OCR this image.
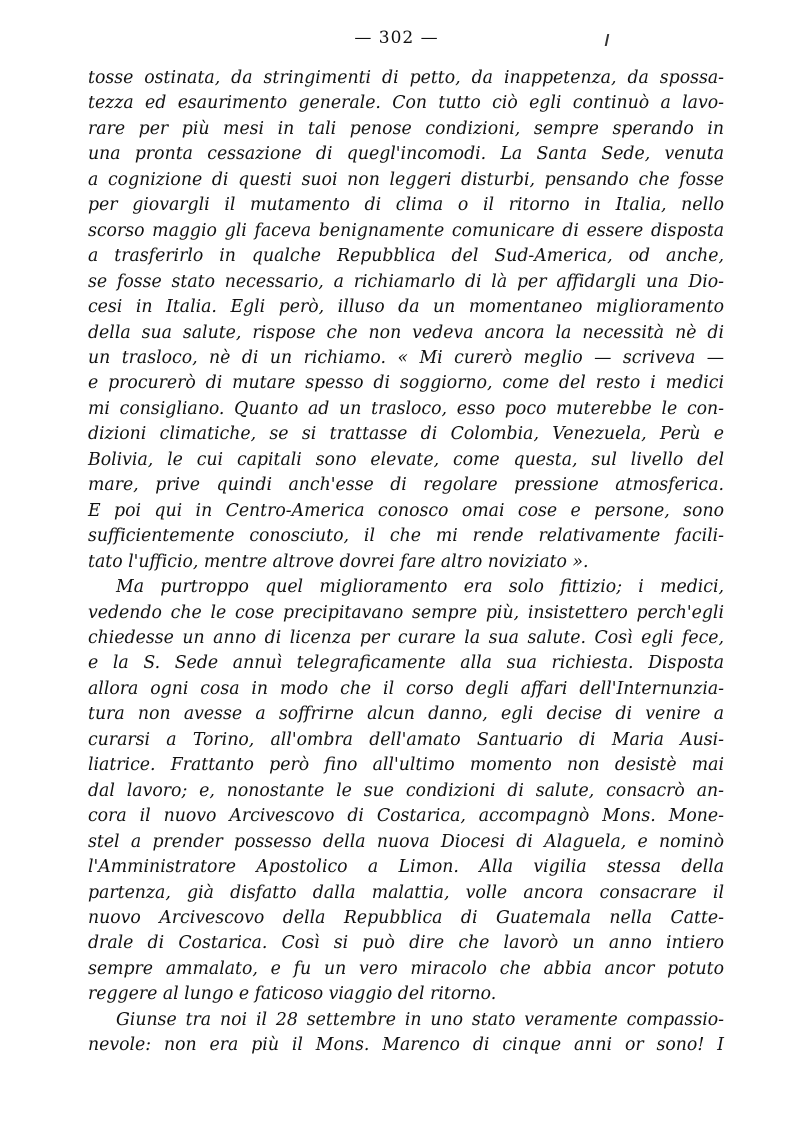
— 302 —
tosse ostinata, da stringimenti di petto, da inappetenza, da spossa-
tezza ed esaurimento generale. Con tutto ciò egli continuò a lavo-
rare per più mesi in tali penose condizioni, sempre sperando in
una pronta cessazione di quegl'incomodi. La Santa Sede, venuta
a cognizione di questi suoi non leggeri disturbi, pensando che fosse
per giovargli il mutamento di clima o il ritorno in Italia, nello
scorso maggio gli faceva benignamente comunicare di essere disposta
a trasferirlo in qualche Repubblica del Sud-America, od anche,
se fosse stato necessario, a richiamarlo di là per affidargli una Dio-
cesi in Italia. Egli però, illuso da un momentaneo miglioramento
della sua salute, rispose che non vedeva ancora la necessità nè di
un trasloco, nè di un richiamo. « Mi curerò meglio — scriveva —
e procurerò di mutare spesso di soggiorno, come del resto i medici
mi consigliano. Quanto ad un trasloco, esso poco muterebbe le con-
dizioni climatiche, se si trattasse di Colombia, Venezuela, Perù e
Bolivia, le cui capitali sono elevate, come questa, sul livello del
mare, prive quindi anch'esse di regolare pressione atmosferica.
E poi qui in Centro-America conosco omai cose e persone, sono
sufficientemente conosciuto, il che mi rende relativamente facili-
tato l'ufficio, mentre altrove dovrei fare altro noviziato ».
Ma purtroppo quel miglioramento era solo fittizio; i medici,
vedendo che le cose precipitavano sempre più, insistettero perch'egli
chiedesse un anno di licenza per curare la sua salute. Così egli fece,
e la S. Sede annuì telegraficamente alla sua richiesta. Disposta
allora ogni cosa in modo che il corso degli affari dell'Internunzia-
tura non avesse a soffrirne alcun danno, egli decise di venire a
curarsi a Torino, all'ombra dell'amato Santuario di Maria Ausi-
liatrice. Frattanto però fino all'ultimo momento non desistè mai
dal lavoro; e, nonostante le sue condizioni di salute, consacrò an-
cora il nuovo Arcivescovo di Costarica, accompagnò Mons. Mone-
stel a prender possesso della nuova Diocesi di Alaguela, e nominò
l'Amministratore Apostolico a Limon. Alla vigilia stessa della
partenza, già disfatto dalla malattia, volle ancora consacrare il
nuovo Arcivescovo della Repubblica di Guatemala nella Catte-
drale di Costarica. Così si può dire che lavorò un anno intiero
sempre ammalato, e fu un vero miracolo che abbia ancor potuto
reggere al lungo e faticoso viaggio del ritorno.
Giunse tra noi il 28 settembre in uno stato veramente compassio-
nevole: non era più il Mons. Marenco di cinque anni or sono! I
